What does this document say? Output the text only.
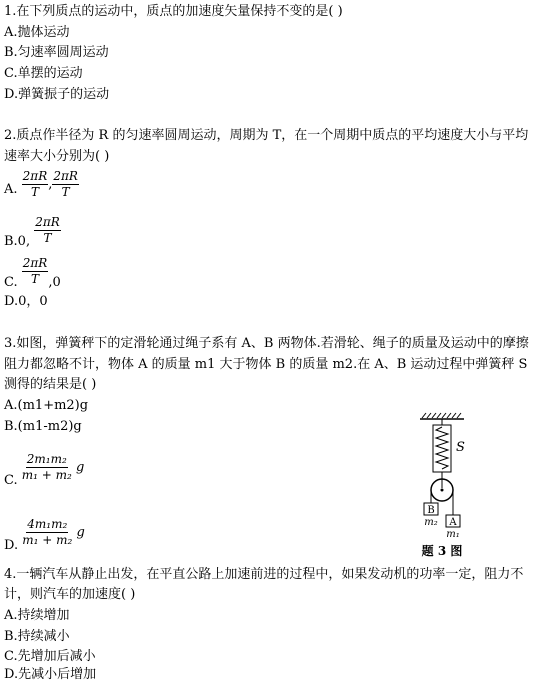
1.在下列质点的运动中，质点的加速度矢量保持不变的是( )
A.抛体运动
B.匀速率圆周运动
C.单摆的运动
D.弹簧振子的运动
2.质点作半径为 R 的匀速率圆周运动，周期为 T，在一个周期中质点的平均速度大小与平均
速率大小分别为( )
A. $\frac{2\pi R}{T}$ , $\frac{2\pi R}{T}$
B.0, $\frac{2\pi R}{T}$
C. $\frac{2\pi R}{T} ,0$
D.0，0
3.如图，弹簧秤下的定滑轮通过绳子系有 A、B 两物体.若滑轮、绳子的质量及运动中的摩擦
阻力都忽略不计，物体 A 的质量 m1 大于物体 B 的质量 m2.在 A、B 运动过程中弹簧秤 S
测得的结果是( )
A.(m1+m2)g
B.(m1-m2)g
C. $\frac{\text{2m₁m₂}}{\text{m₁ + m₂}}$ g
D. $\frac{\text{4m₁m₂}}{\text{m₁ + m₂}}$ g
S
B
m₂ A
m₁
题 3 图
4.一辆汽车从静止出发，在平直公路上加速前进的过程中，如果发动机的功率一定，阻力不
计，则汽车的加速度( )
A.持续增加
B.持续减小
C.先增加后减小
D.先减小后增加
